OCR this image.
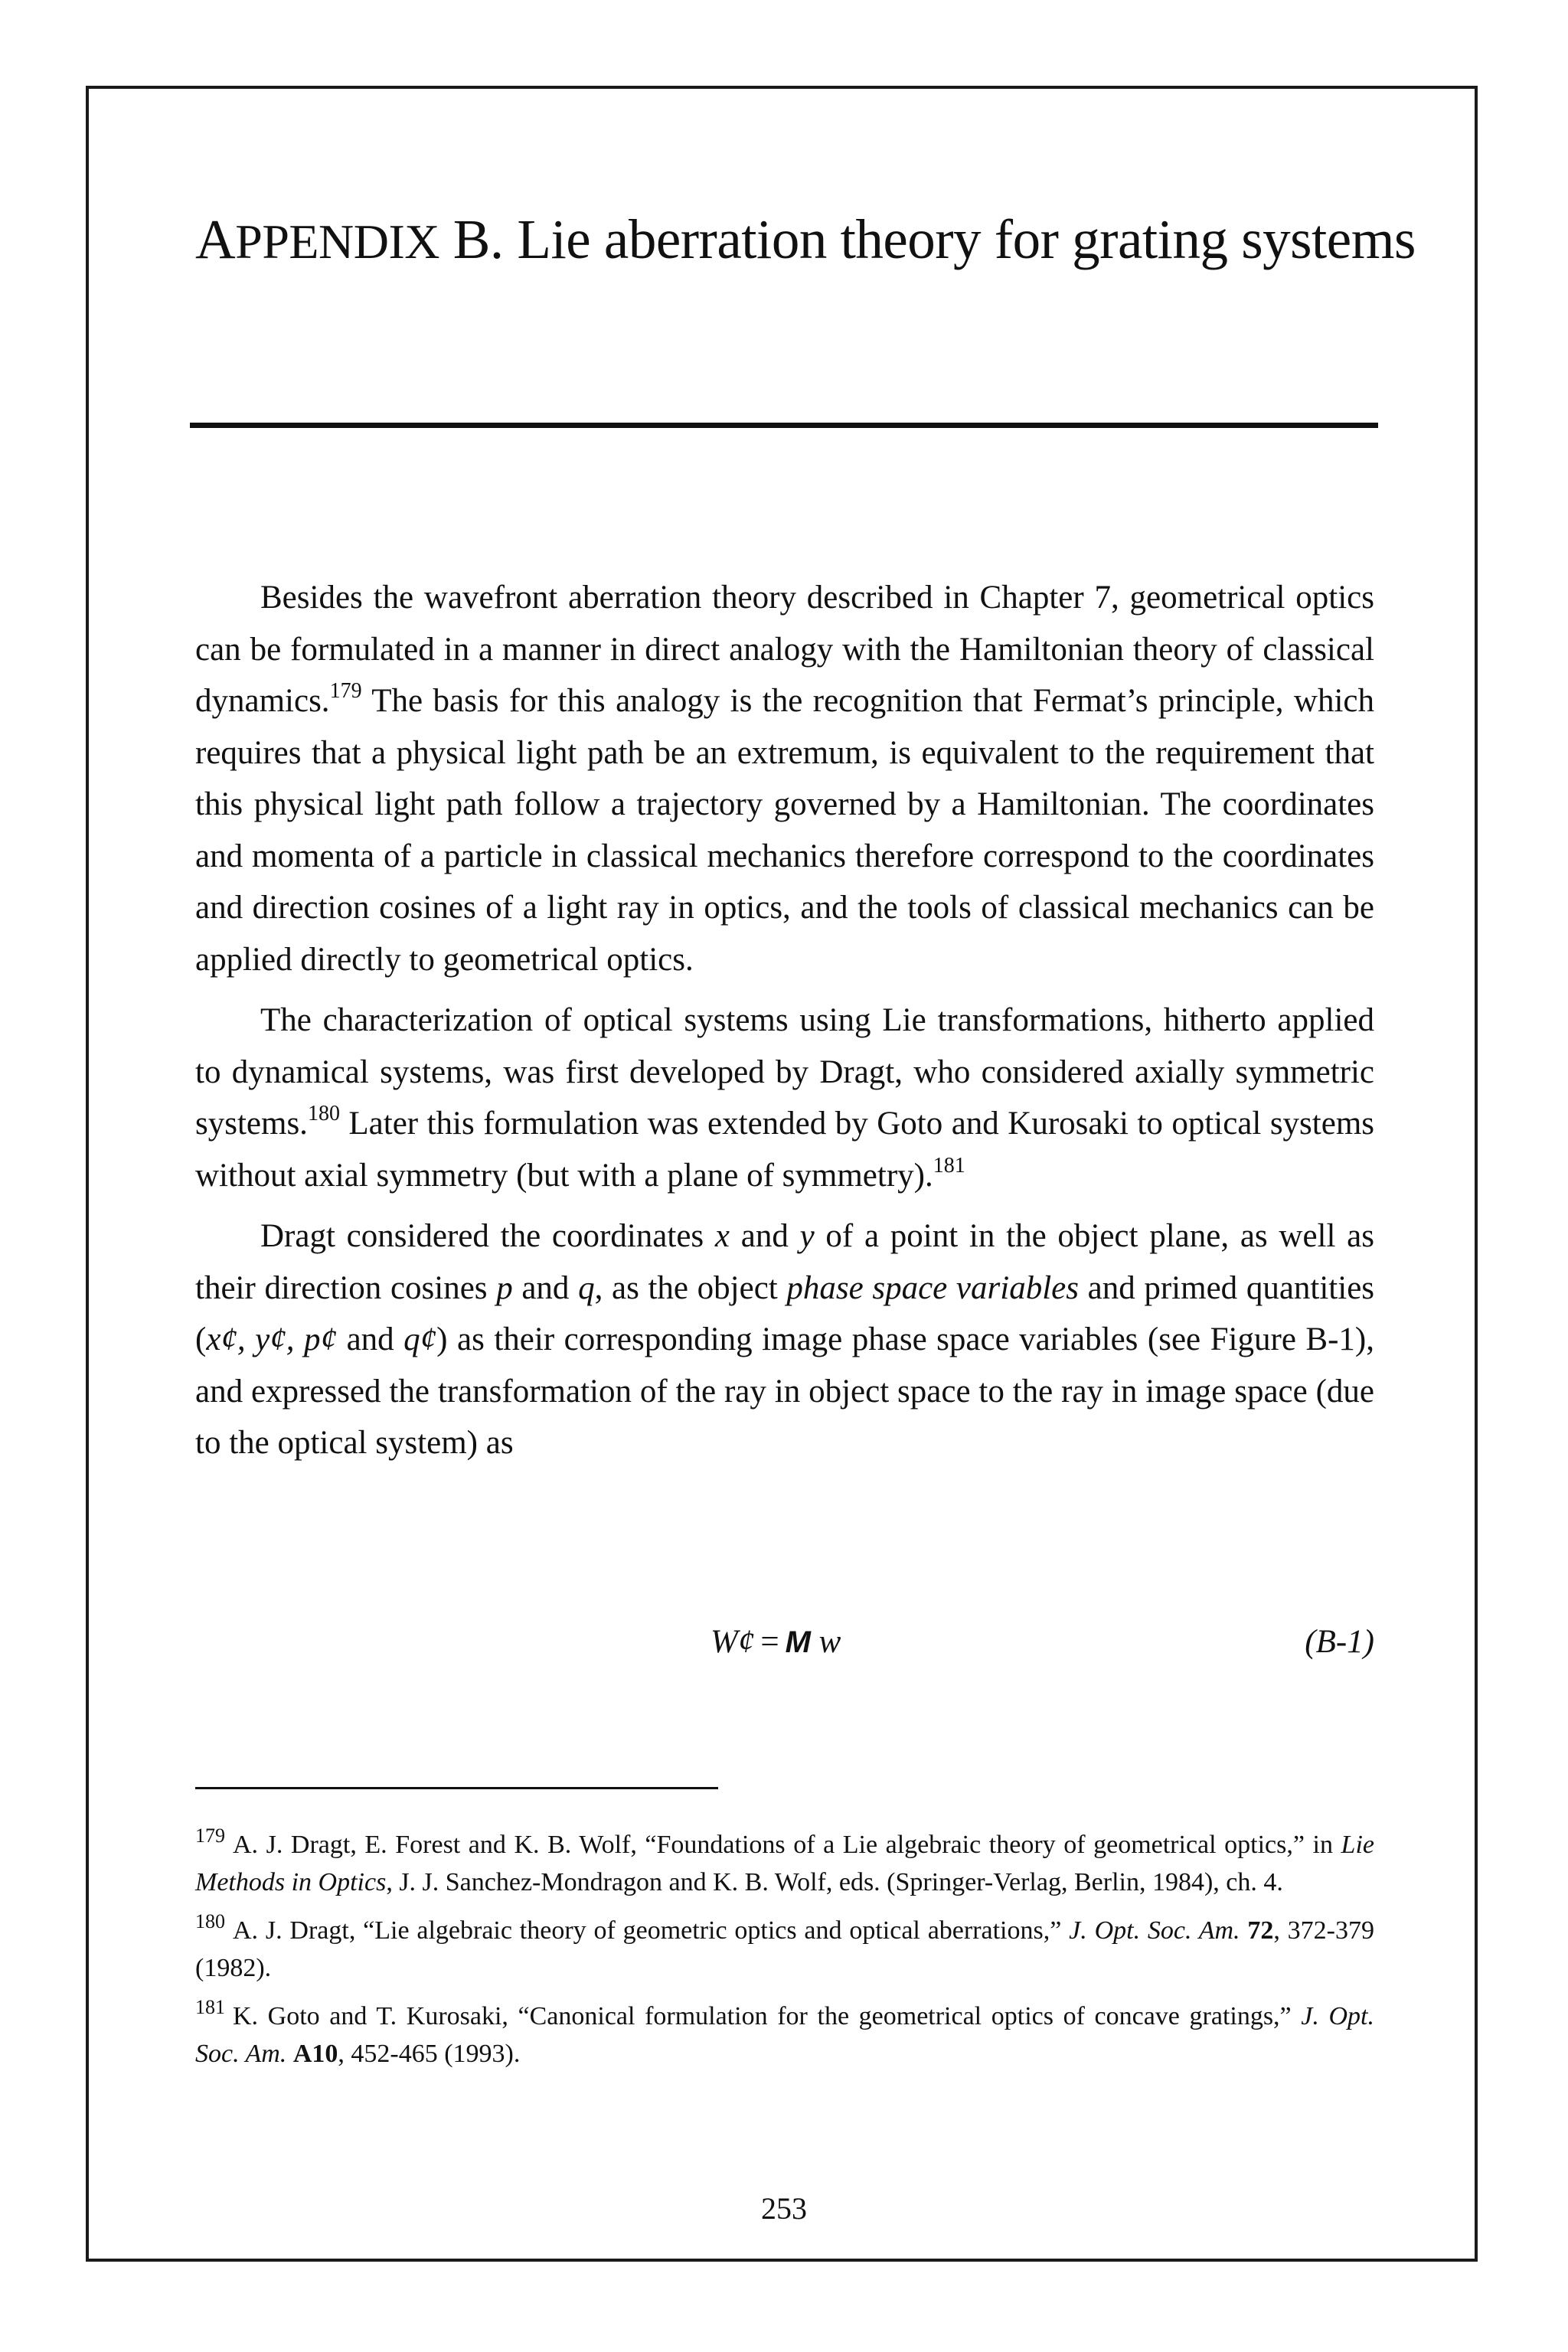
APPENDIX B. Lie aberration theory for grating systems

Besides the wavefront aberration theory described in Chapter 7, geometrical optics can be formulated in a manner in direct analogy with the Hamiltonian theory of classical dynamics.$^{179}$ The basis for this analogy is the recognition that Fermat’s principle, which requires that a physical light path be an extremum, is equivalent to the requirement that this physical light path follow a trajectory governed by a Hamiltonian. The coordinates and momenta of a particle in classical mechanics therefore correspond to the coordinates and direction cosines of a light ray in optics, and the tools of classical mechanics can be applied directly to geometrical optics.

The characterization of optical systems using Lie transformations, hitherto applied to dynamical systems, was first developed by Dragt, who considered axially symmetric systems.$^{180}$ Later this formulation was extended by Goto and Kurosaki to optical systems without axial symmetry (but with a plane of symmetry).$^{181}$

Dragt considered the coordinates x and y of a point in the object plane, as well as their direction cosines p and q, as the object phase space variables and primed quantities (x¢, y¢, p¢ and q¢) as their corresponding image phase space variables (see Figure B-1), and expressed the transformation of the ray in object space to the ray in image space (due to the optical system) as

W¢ = M w	(B-1)

$^{179}$ A. J. Dragt, E. Forest and K. B. Wolf, “Foundations of a Lie algebraic theory of geometrical optics,” in Lie Methods in Optics, J. J. Sanchez-Mondragon and K. B. Wolf, eds. (Springer-Verlag, Berlin, 1984), ch. 4.

$^{180}$ A. J. Dragt, “Lie algebraic theory of geometric optics and optical aberrations,” J. Opt. Soc. Am. 72, 372-379 (1982).

$^{181}$ K. Goto and T. Kurosaki, “Canonical formulation for the geometrical optics of concave gratings,” J. Opt. Soc. Am. A10, 452-465 (1993).

253
